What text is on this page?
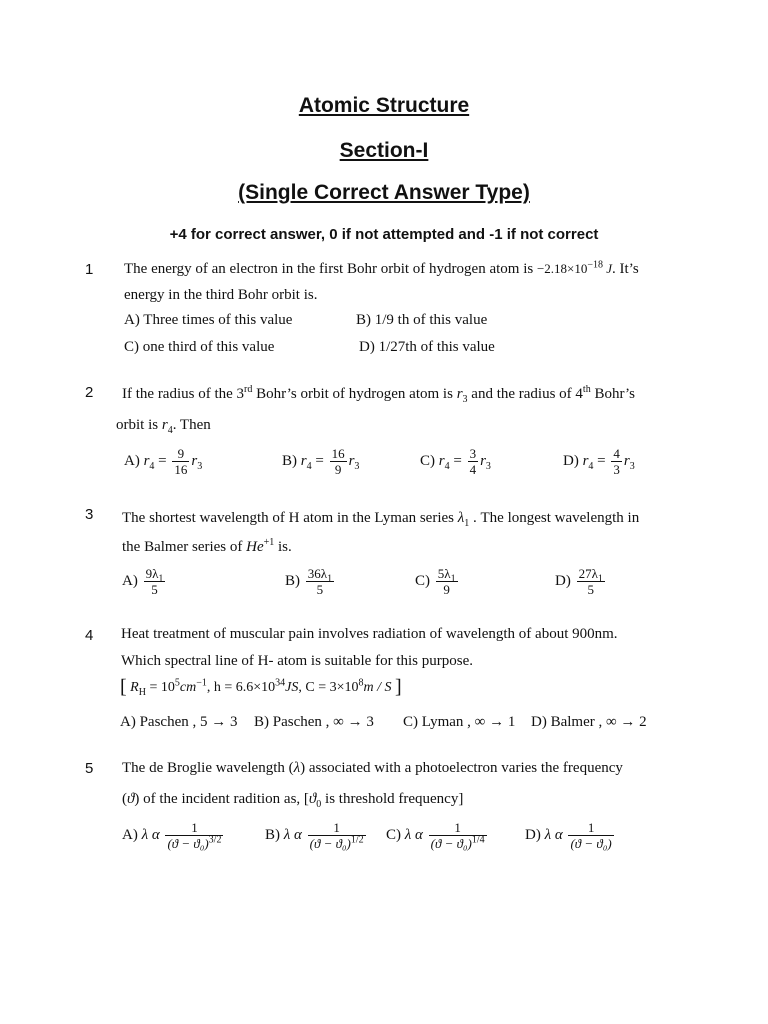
Atomic Structure
Section-I
(Single Correct Answer Type)
+4 for correct answer, 0 if not attempted and -1 if not correct
1 The energy of an electron in the first Bohr orbit of hydrogen atom is $-2.18\times 10^{-18}$ J. It’s
energy in the third Bohr orbit is.
A) Three times of this value	B) 1/9 th of this value
C) one third of this value	D) 1/27th of this value
2 If the radius of the 3rd Bohr’s orbit of hydrogen atom is $r_3$ and the radius of 4th Bohr’s
orbit is $r_4$. Then
A) $r_4 = \frac{9}{16} r_3$	B) $r_4 = \frac{16}{9} r_3$	C) $r_4 = \frac{3}{4} r_3$	D) $r_4 = \frac{4}{3} r_3$
3 The shortest wavelength of H atom in the Lyman series $\lambda_1$ . The longest wavelength in
the Balmer series of $He^{+1}$ is.
$A) \frac{9\lambda_1}{5}$	$B) \frac{36\lambda_1}{5}$	$C) \frac{5\lambda_1}{9}$	$D) \frac{27\lambda_1}{5}$
4 Heat treatment of muscular pain involves radiation of wavelength of about 900nm.
Which spectral line of H- atom is suitable for this purpose.
[ $R_H = 10^5cm^{-1}$, $h = 6.6\times 10^{34}JS$, $C = 3\times 10^8m / S$ ]
A) Paschen , 5 → 3 B) Paschen , ∞ → 3 C) Lyman , ∞ → 1 D) Balmer , ∞ → 2
5 The de Broglie wavelength (λ) associated with a photoelectron varies the frequency
(ϑ) of the incident radition as, [$ϑ_0$ is threshold frequency]
A) λ α $\frac{1}{(ϑ - ϑ_0)^{3/2}}$	B) λ α $\frac{1}{(ϑ - ϑ_0)^{1/2}} C$) λ α $\frac{1}{(ϑ - ϑ_0)^{1/4}}$	D) λ α $\frac{1}{\text{(ϑ − ϑ₀)}}$
